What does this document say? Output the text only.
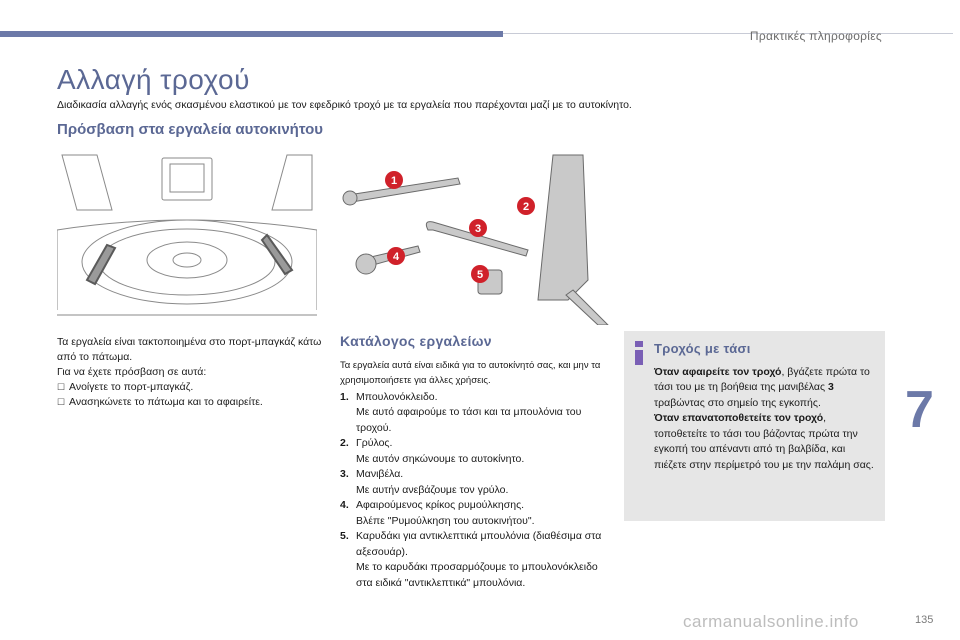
Πρακτικές πληροφορίες
Αλλαγή τροχού

Διαδικασία αλλαγής ενός σκασμένου ελαστικού με τον εφεδρικό τροχό με τα εργαλεία που παρέχονται μαζί με το αυτοκίνητο.

Πρόσβαση στα εργαλεία αυτοκινήτου
1
2
3
4
5

Τα εργαλεία είναι τακτοποιημένα στο πορτ-μπαγκάζ κάτω από το πάτωμα.

Για να έχετε πρόσβαση σε αυτά:

☐ Ανοίγετε το πορτ-μπαγκάζ.

☐ Ανασηκώνετε το πάτωμα και το αφαιρείτε.

Κατάλογος εργαλείων

Τα εργαλεία αυτά είναι ειδικά για το αυτοκίνητό σας, και μην τα χρησιμοποιήσετε για άλλες χρήσεις.

1. Μπουλονόκλειδο.
Με αυτό αφαιρούμε το τάσι και τα μπουλόνια του τροχού.
2. Γρύλος.
Με αυτόν σηκώνουμε το αυτοκίνητο.
3. Μανιβέλα.
Με αυτήν ανεβάζουμε τον γρύλο.
4. Αφαιρούμενος κρίκος ρυμούλκησης.
Βλέπε "Ρυμούλκηση του αυτοκινήτου".
5. Καρυδάκι για αντικλεπτικά μπουλόνια (διαθέσιμα στα αξεσουάρ).
Με το καρυδάκι προσαρμόζουμε το μπουλονόκλειδο στα ειδικά "αντικλεπτικά" μπουλόνια.
Τροχός με τάσι

Όταν αφαιρείτε τον τροχό, βγάζετε πρώτα το τάσι του με τη βοήθεια της μανιβέλας 3 τραβώντας στο σημείο της εγκοπής.

Όταν επανατοποθετείτε τον τροχό, τοποθετείτε το τάσι του βάζοντας πρώτα την εγκοπή του απέναντι από τη βαλβίδα, και πιέζετε στην περίμετρό του με την παλάμη σας.

7
carmanualsonline.info	135
